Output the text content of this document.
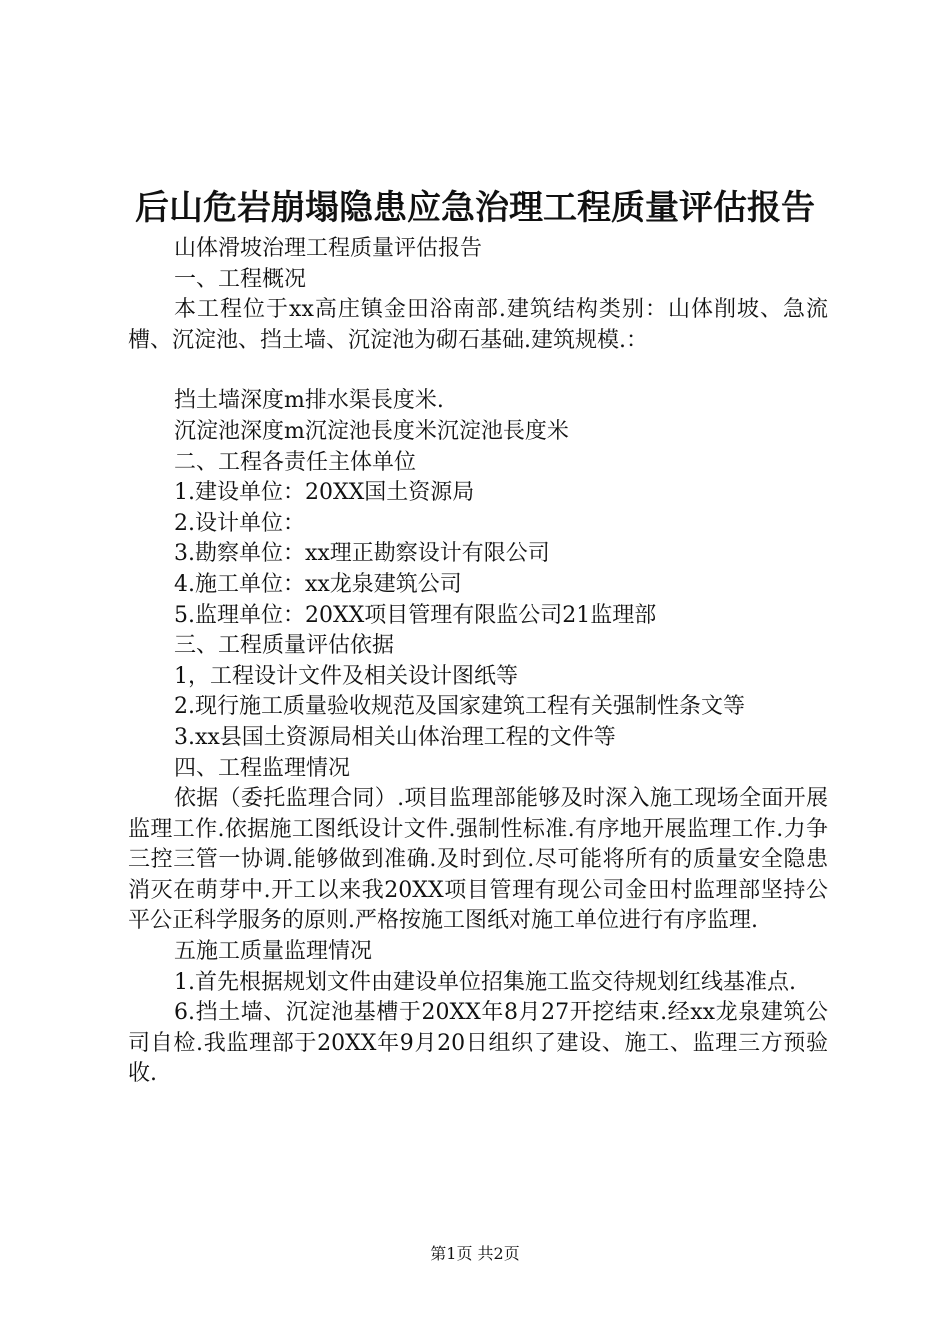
后山危岩崩塌隐患应急治理工程质量评估报告

山体滑坡治理工程质量评估报告

一、工程概况

本工程位于xx高庄镇金田浴南部.建筑结构类别：山体削坡、急流槽、沉淀池、挡土墙、沉淀池为砌石基础.建筑规模.：

挡土墙深度m排水渠長度米.

沉淀池深度m沉淀池長度米沉淀池長度米

二、工程各责任主体单位

1.建设单位：20XX国土资源局

2.设计单位：

3.勘察单位：xx理正勘察设计有限公司

4.施工单位：xx龙泉建筑公司

5.监理单位：20XX项目管理有限监公司21监理部

三、工程质量评估依据

1，工程设计文件及相关设计图纸等

2.现行施工质量验收规范及国家建筑工程有关强制性条文等

3.xx县国土资源局相关山体治理工程的文件等

四、工程监理情况

依据（委托监理合同）.项目监理部能够及时深入施工现场全面开展监理工作.依据施工图纸设计文件.强制性标准.有序地开展监理工作.力争三控三管一协调.能够做到准确.及时到位.尽可能将所有的质量安全隐患消灭在萌芽中.开工以来我20XX项目管理有现公司金田村监理部坚持公平公正科学服务的原则.严格按施工图纸对施工单位进行有序监理.

五施工质量监理情况

1.首先根据规划文件由建设单位招集施工监交待规划红线基准点.

6.挡土墙、沉淀池基槽于20XX年8月27开挖结束.经xx龙泉建筑公司自检.我监理部于20XX年9月20日组织了建设、施工、监理三方预验收.

第1页 共2页
